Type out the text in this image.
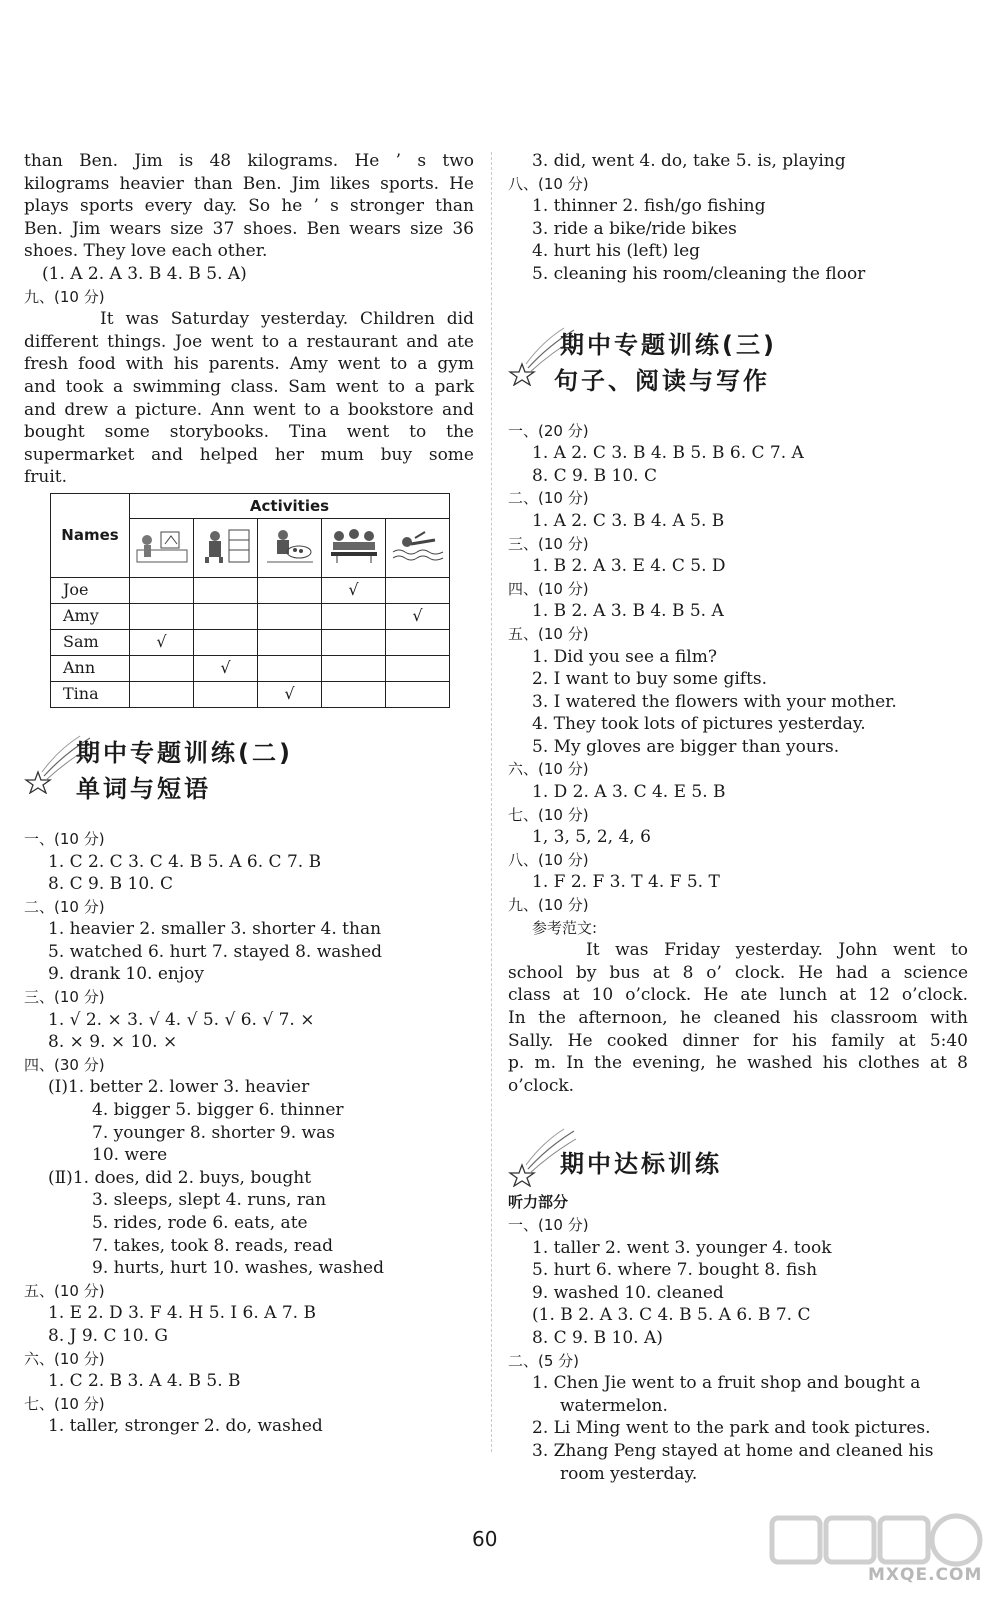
than Ben. Jim is 48 kilograms. He ’ s two
kilograms heavier than Ben. Jim likes sports. He
plays sports every day. So he ’ s stronger than
Ben. Jim wears size 37 shoes. Ben wears size 36
shoes. They love each other.
(1. A 2. A 3. B 4. B 5. A)
九、(10 分)
It was Saturday yesterday. Children did
different things. Joe went to a restaurant and ate
fresh food with his parents. Amy went to a gym
and took a swimming class. Sam went to a park
and drew a picture. Ann went to a bookstore and
bought some storybooks. Tina went to the
supermarket and helped her mum buy some
fruit.
Names	Activities				

Joe				√	
Amy					√
Sam	√				
Ann		√			
Tina			√		
期中专题训练(二)
单词与短语
一、(10 分)
1. C 2. C 3. C 4. B 5. A 6. C 7. B
8. C 9. B 10. C
二、(10 分)
1. heavier 2. smaller 3. shorter 4. than
5. watched 6. hurt 7. stayed 8. washed
9. drank 10. enjoy
三、(10 分)
1. √ 2. × 3. √ 4. √ 5. √ 6. √ 7. ×
8. × 9. × 10. ×
四、(30 分)
(Ⅰ)1. better 2. lower 3. heavier
4. bigger 5. bigger 6. thinner
7. younger 8. shorter 9. was
10. were
(Ⅱ)1. does, did 2. buys, bought
3. sleeps, slept 4. runs, ran
5. rides, rode 6. eats, ate
7. takes, took 8. reads, read
9. hurts, hurt 10. washes, washed
五、(10 分)
1. E 2. D 3. F 4. H 5. I 6. A 7. B
8. J 9. C 10. G
六、(10 分)
1. C 2. B 3. A 4. B 5. B
七、(10 分)
1. taller, stronger 2. do, washed
3. did, went 4. do, take 5. is, playing
八、(10 分)
1. thinner 2. fish/go fishing
3. ride a bike/ride bikes
4. hurt his (left) leg
5. cleaning his room/cleaning the floor
期中专题训练(三)
句子、阅读与写作
一、(20 分)
1. A 2. C 3. B 4. B 5. B 6. C 7. A
8. C 9. B 10. C
二、(10 分)
1. A 2. C 3. B 4. A 5. B
三、(10 分)
1. B 2. A 3. E 4. C 5. D
四、(10 分)
1. B 2. A 3. B 4. B 5. A
五、(10 分)
1. Did you see a film?
2. I want to buy some gifts.
3. I watered the flowers with your mother.
4. They took lots of pictures yesterday.
5. My gloves are bigger than yours.
六、(10 分)
1. D 2. A 3. C 4. E 5. B
七、(10 分)
1, 3, 5, 2, 4, 6
八、(10 分)
1. F 2. F 3. T 4. F 5. T
九、(10 分)
参考范文:
It was Friday yesterday. John went to
school by bus at 8 o’ clock. He had a science
class at 10 o’clock. He ate lunch at 12 o’clock.
In the afternoon, he cleaned his classroom with
Sally. He cooked dinner for his family at 5:40
p. m. In the evening, he washed his clothes at 8
o’clock.
期中达标训练
听力部分
一、(10 分)
1. taller 2. went 3. younger 4. took
5. hurt 6. where 7. bought 8. fish
9. washed 10. cleaned
(1. B 2. A 3. C 4. B 5. A 6. B 7. C
8. C 9. B 10. A)
二、(5 分)
1. Chen Jie went to a fruit shop and bought a
watermelon.
2. Li Ming went to the park and took pictures.
3. Zhang Peng stayed at home and cleaned his
room yesterday.
60
MXQE.COM
